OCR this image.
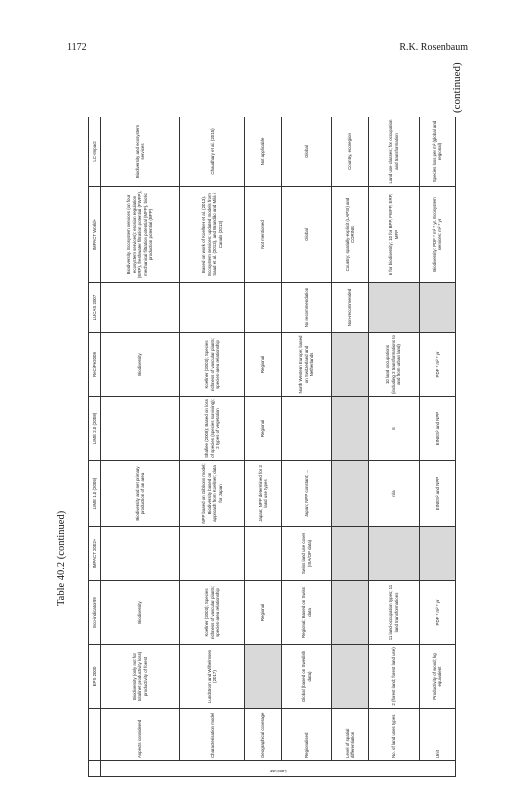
1172	R.K. Rosenbaum
Table 40.2 (continued)
(continued)
		EPS 2000	Eco-indicator99	IMPACT 2002+	LIME 1.0 (2006)	LIME 2.0 (2008)	ReCiPe2008	LUCAS 2007	IMPACT World+	LC-Impact

Land use	Aspects considered	Biodiversity (only not for total/net productivity loss) productivity of forest	Biodiversity		Biodiversity and net primary production of an area		Biodiversity		Biodiversity. Ecosystem services (on four ecosystem services): erosion regulation (ERP), freshwater filtration potential (FWFP), mechanical filtration potential (MFP), biotic production potential (BPP)	Biodiversity and ecosystem services
	Characterisation model	Lundstrom and Wilhelmsen (2017)	Koellner (2003); Species richness of vascular plants; species-area relationship		NPP based on Gibbons model; Biodiversity based on approach from Koellner; data for Japan	Shafiee (2008); Based on loss of species (species surviving); 2 types of vegetation	Koellner (2003); Species richness of vascular plants; species-area relationship		Based on work of Koellner et al. (2013). Ecosystem services: updated models from Saad et al. (2013), and Brandão and Milà i Canals (2013)	Chaudhary et al. (2015)
	Geographical coverage		Regional		Japan; NPP determined for 3 land use types	Regional	Regional		Not mentioned	Not applicable
	Regionalised	Global (based on Swedish data)	Regional; Based on Swiss data	Swiss land use cover (ISA/OP data)	Japan; NPP constant; ...		North Western Europe; based on Switzerland and Netherlands	No recommendation	Global	Global
	Level of spatial differentiation							Non-recommended	Country; spatially-explicit (LAPSI) and CORINE	Country, ecoregion
	No. of land uses types	2 (forest land; forest land use)	11 land-occupation types; 11 land transformations		n/a	6	10 land occupations (including 2 transformations to and from urban land)		6 for biodiversity; 10 for BPP, FWFP, ERP, MFP	Land use classes; for occupation and transformation
	Unit	Productivity of wood; kg equivalent	PDF * m² * yr		EINES² and NPP	EINES² and NPP	PDF * m² * yr		Biodiversity: PDF * m² * yr. Ecosystem services: m² * yr	Species loss per m² (global and regional)
